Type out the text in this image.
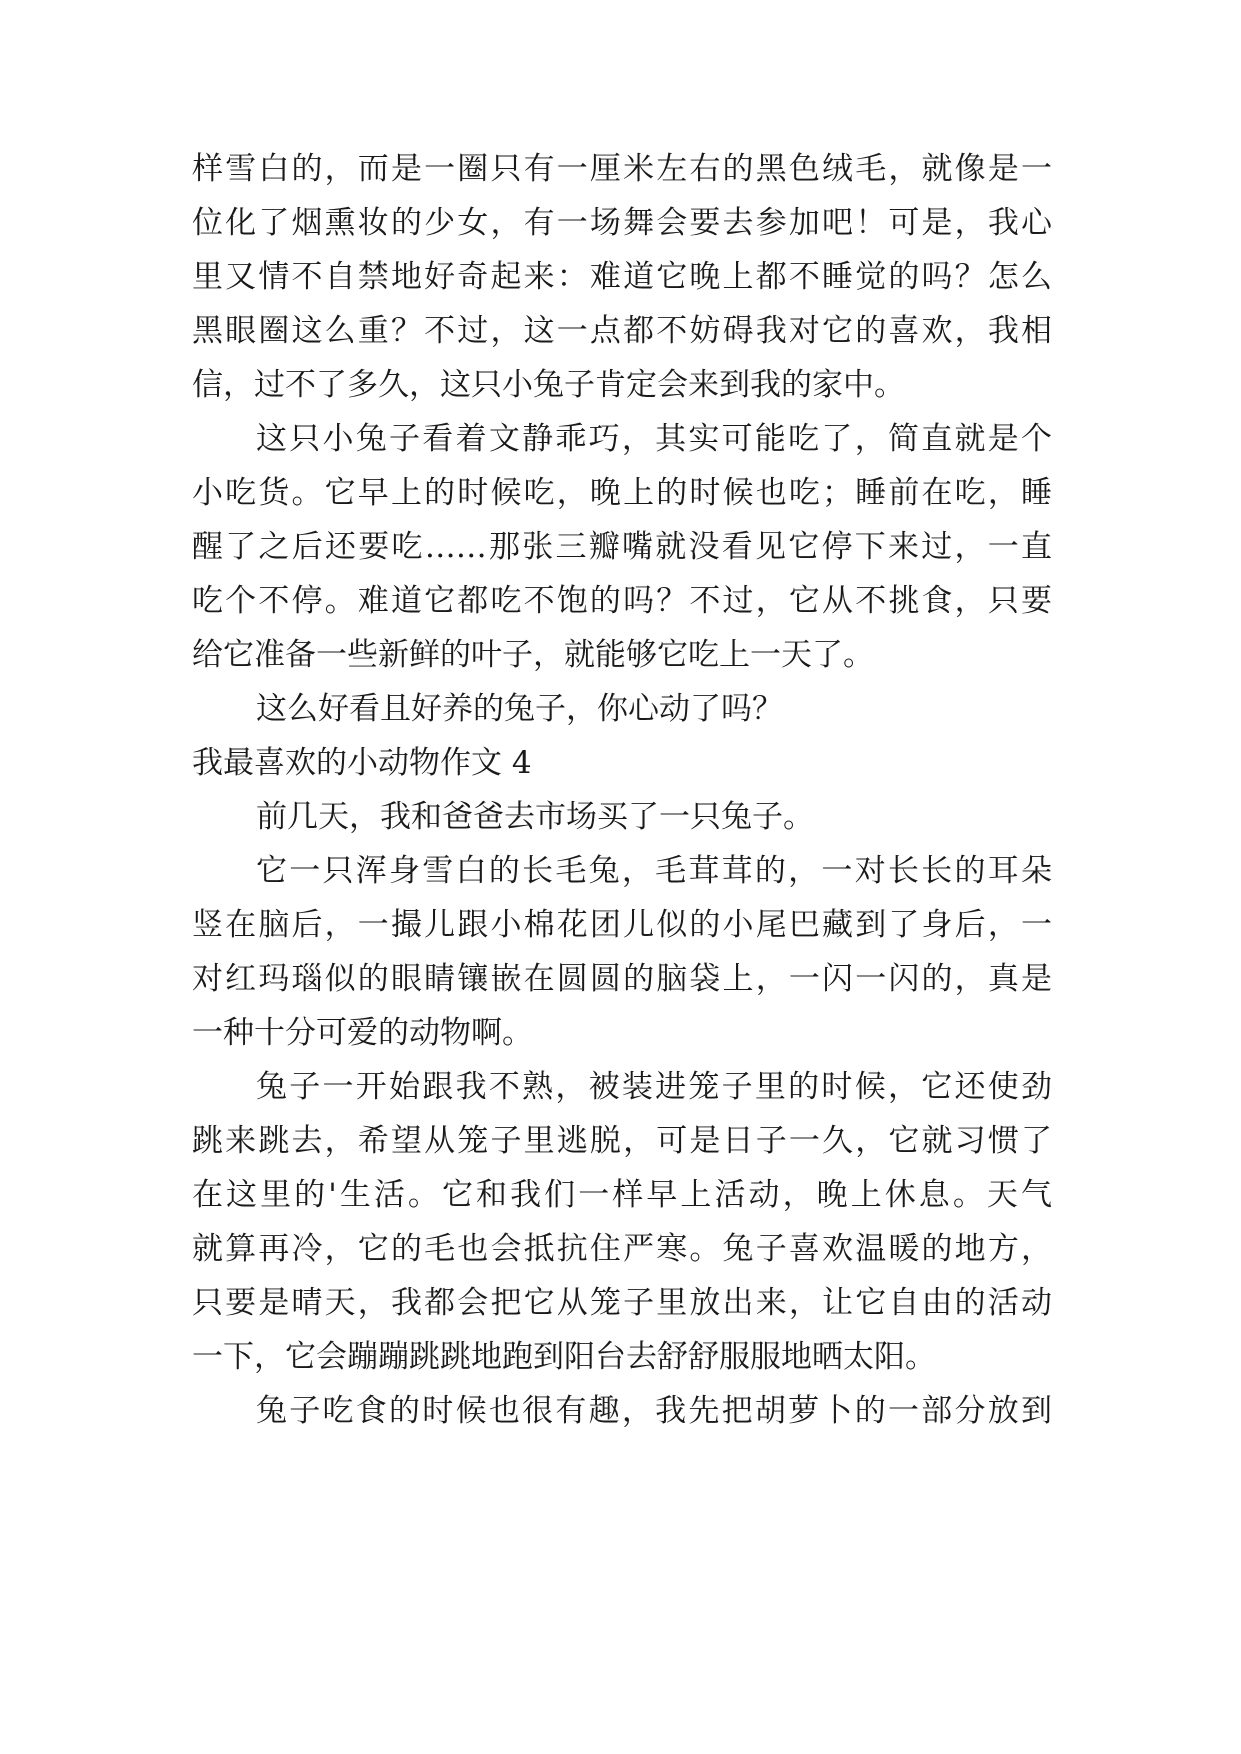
样雪白的，而是一圈只有一厘米左右的黑色绒毛，就像是一
位化了烟熏妆的少女，有一场舞会要去参加吧！可是，我心
里又情不自禁地好奇起来：难道它晚上都不睡觉的吗？怎么
黑眼圈这么重？不过，这一点都不妨碍我对它的喜欢，我相
信，过不了多久，这只小兔子肯定会来到我的家中。
这只小兔子看着文静乖巧，其实可能吃了，简直就是个
小吃货。它早上的时候吃，晚上的时候也吃；睡前在吃，睡
醒了之后还要吃……那张三瓣嘴就没看见它停下来过，一直
吃个不停。难道它都吃不饱的吗？不过，它从不挑食，只要
给它准备一些新鲜的叶子，就能够它吃上一天了。
这么好看且好养的兔子，你心动了吗？
我最喜欢的小动物作文 4
前几天，我和爸爸去市场买了一只兔子。
它一只浑身雪白的长毛兔，毛茸茸的，一对长长的耳朵
竖在脑后，一撮儿跟小棉花团儿似的小尾巴藏到了身后，一
对红玛瑙似的眼睛镶嵌在圆圆的脑袋上，一闪一闪的，真是
一种十分可爱的动物啊。
兔子一开始跟我不熟，被装进笼子里的时候，它还使劲
跳来跳去，希望从笼子里逃脱，可是日子一久，它就习惯了
在这里的'生活。它和我们一样早上活动，晚上休息。天气
就算再冷，它的毛也会抵抗住严寒。兔子喜欢温暖的地方，
只要是晴天，我都会把它从笼子里放出来，让它自由的活动
一下，它会蹦蹦跳跳地跑到阳台去舒舒服服地晒太阳。
兔子吃食的时候也很有趣，我先把胡萝卜的一部分放到
